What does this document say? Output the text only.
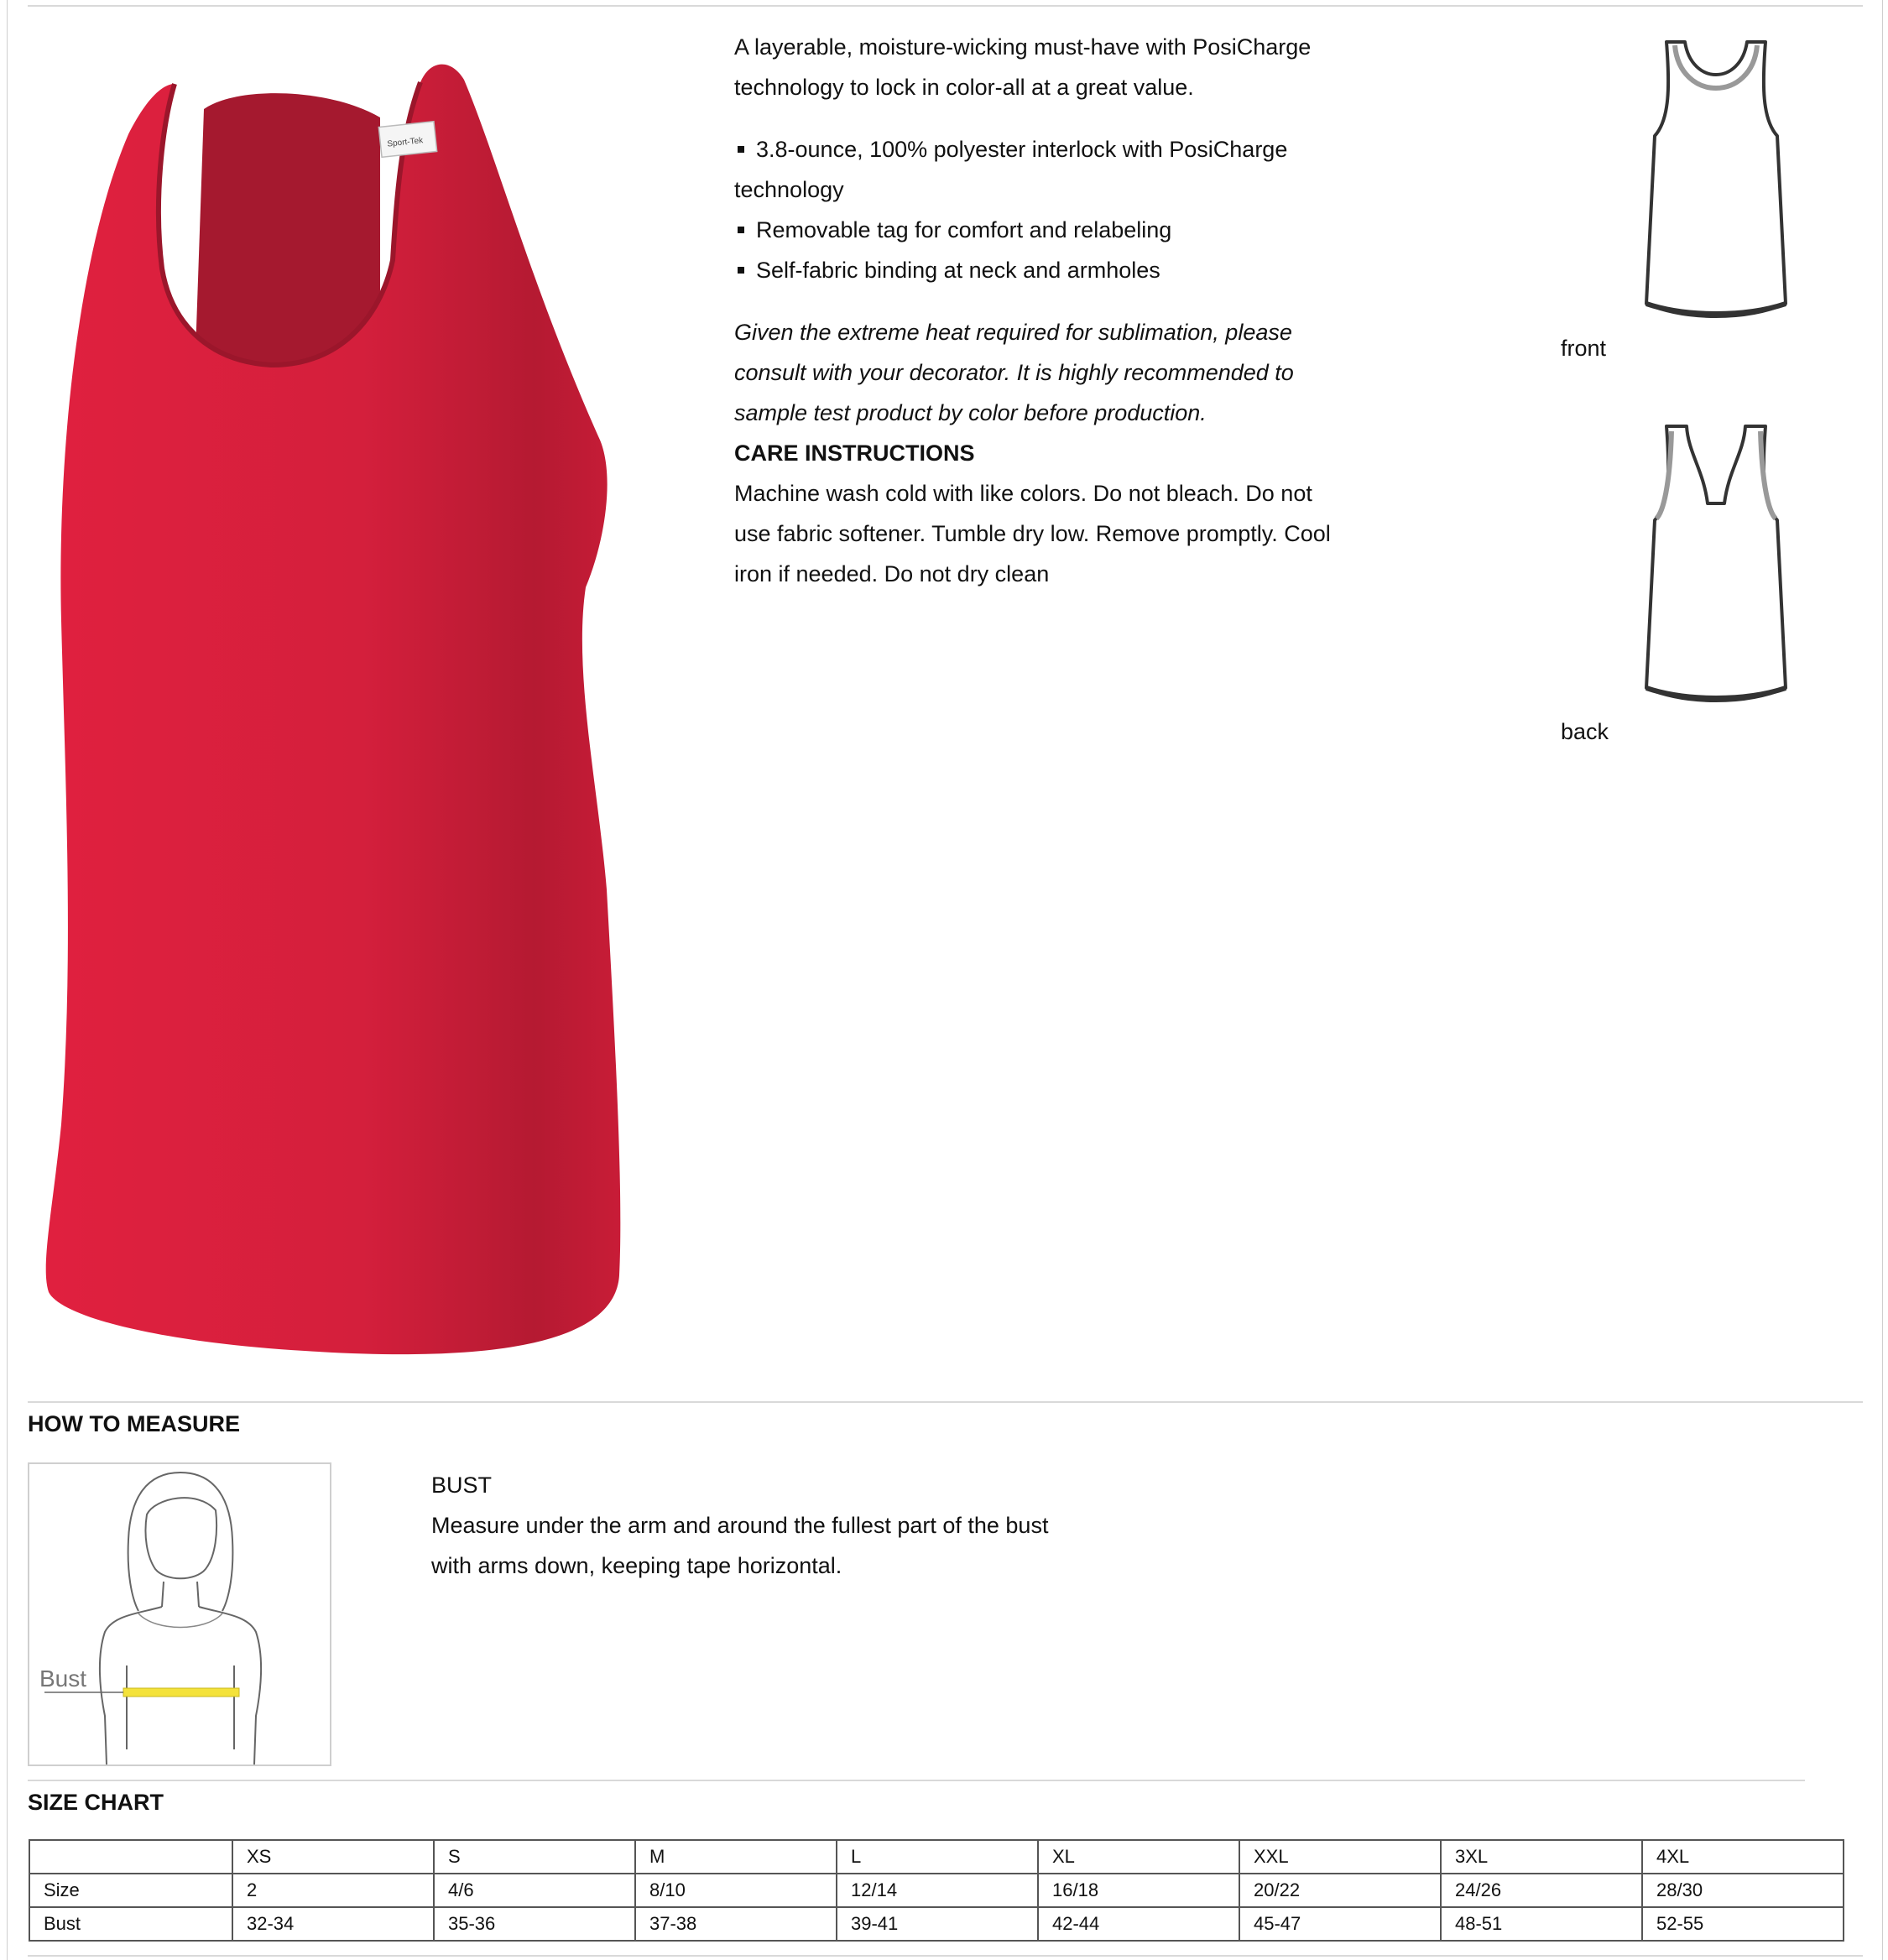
Sport-Tek

A layerable, moisture-wicking must-have with PosiCharge technology to lock in color-all at a great value.

3.8-ounce, 100% polyester interlock with PosiCharge technology
Removable tag for comfort and relabeling
Self-fabric binding at neck and armholes

Given the extreme heat required for sublimation, please consult with your decorator. It is highly recommended to sample test product by color before production.

CARE INSTRUCTIONS

Machine wash cold with like colors. Do not bleach. Do not use fabric softener. Tumble dry low. Remove promptly. Cool iron if needed. Do not dry clean

front
back
HOW TO MEASURE
Bust

BUST

Measure under the arm and around the fullest part of the bust with arms down, keeping tape horizontal.

SIZE CHART
	XS	S	M	L	XL	XXL	3XL	4XL
Size	2	4/6	8/10	12/14	16/18	20/22	24/26	28/30
Bust	32-34	35-36	37-38	39-41	42-44	45-47	48-51	52-55
